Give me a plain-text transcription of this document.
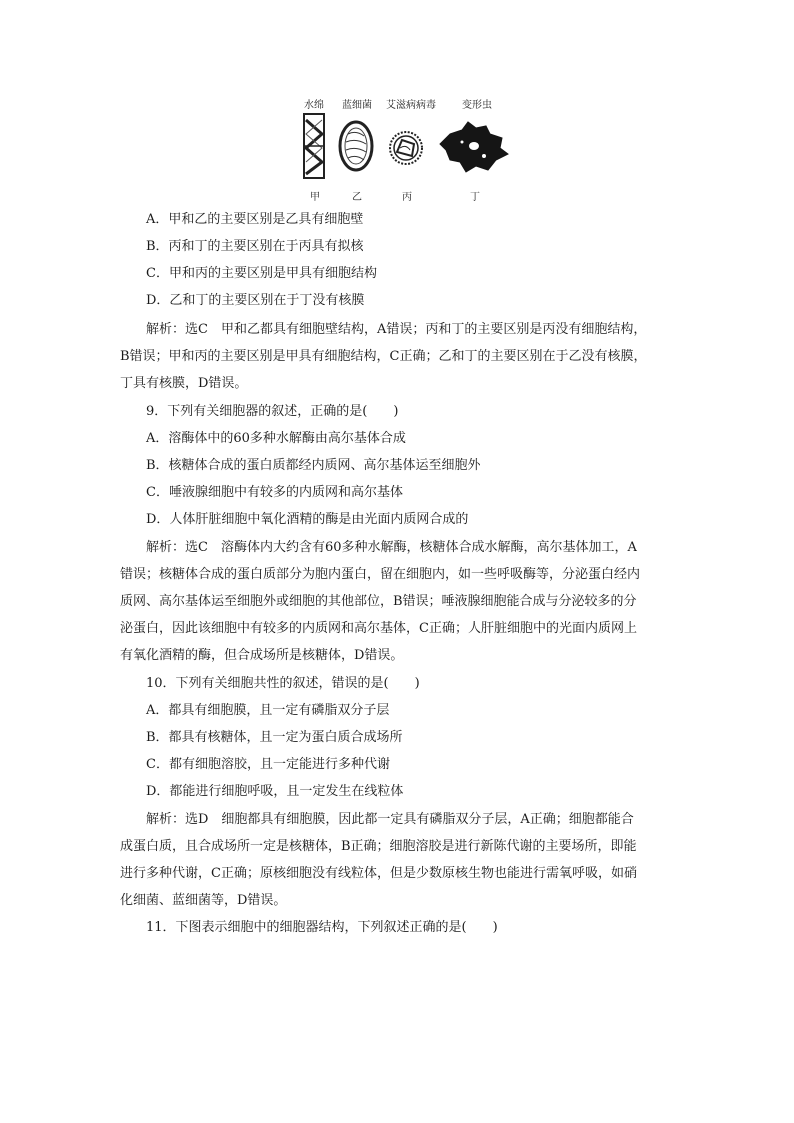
水绵 蓝细菌 艾滋病病毒	变形虫
甲	乙	丙	丁
A．甲和乙的主要区别是乙具有细胞壁
B．丙和丁的主要区别在于丙具有拟核
C．甲和丙的主要区别是甲具有细胞结构
D．乙和丁的主要区别在于丁没有核膜
解析：选C　甲和乙都具有细胞壁结构，A错误；丙和丁的主要区别是丙没有细胞结构，
B错误；甲和丙的主要区别是甲具有细胞结构，C正确；乙和丁的主要区别在于乙没有核膜，
丁具有核膜，D错误。
9．下列有关细胞器的叙述，正确的是(　　)
A．溶酶体中的60多种水解酶由高尔基体合成
B．核糖体合成的蛋白质都经内质网、高尔基体运至细胞外
C．唾液腺细胞中有较多的内质网和高尔基体
D．人体肝脏细胞中氧化酒精的酶是由光面内质网合成的
解析：选C　溶酶体内大约含有60多种水解酶，核糖体合成水解酶，高尔基体加工，A
错误；核糖体合成的蛋白质部分为胞内蛋白，留在细胞内，如一些呼吸酶等，分泌蛋白经内
质网、高尔基体运至细胞外或细胞的其他部位，B错误；唾液腺细胞能合成与分泌较多的分
泌蛋白，因此该细胞中有较多的内质网和高尔基体，C正确；人肝脏细胞中的光面内质网上
有氧化酒精的酶，但合成场所是核糖体，D错误。
10．下列有关细胞共性的叙述，错误的是(　　)
A．都具有细胞膜，且一定有磷脂双分子层
B．都具有核糖体，且一定为蛋白质合成场所
C．都有细胞溶胶，且一定能进行多种代谢
D．都能进行细胞呼吸，且一定发生在线粒体
解析：选D　细胞都具有细胞膜，因此都一定具有磷脂双分子层，A正确；细胞都能合
成蛋白质，且合成场所一定是核糖体，B正确；细胞溶胶是进行新陈代谢的主要场所，即能
进行多种代谢，C正确；原核细胞没有线粒体，但是少数原核生物也能进行需氧呼吸，如硝
化细菌、蓝细菌等，D错误。
11．下图表示细胞中的细胞器结构，下列叙述正确的是(　　)
